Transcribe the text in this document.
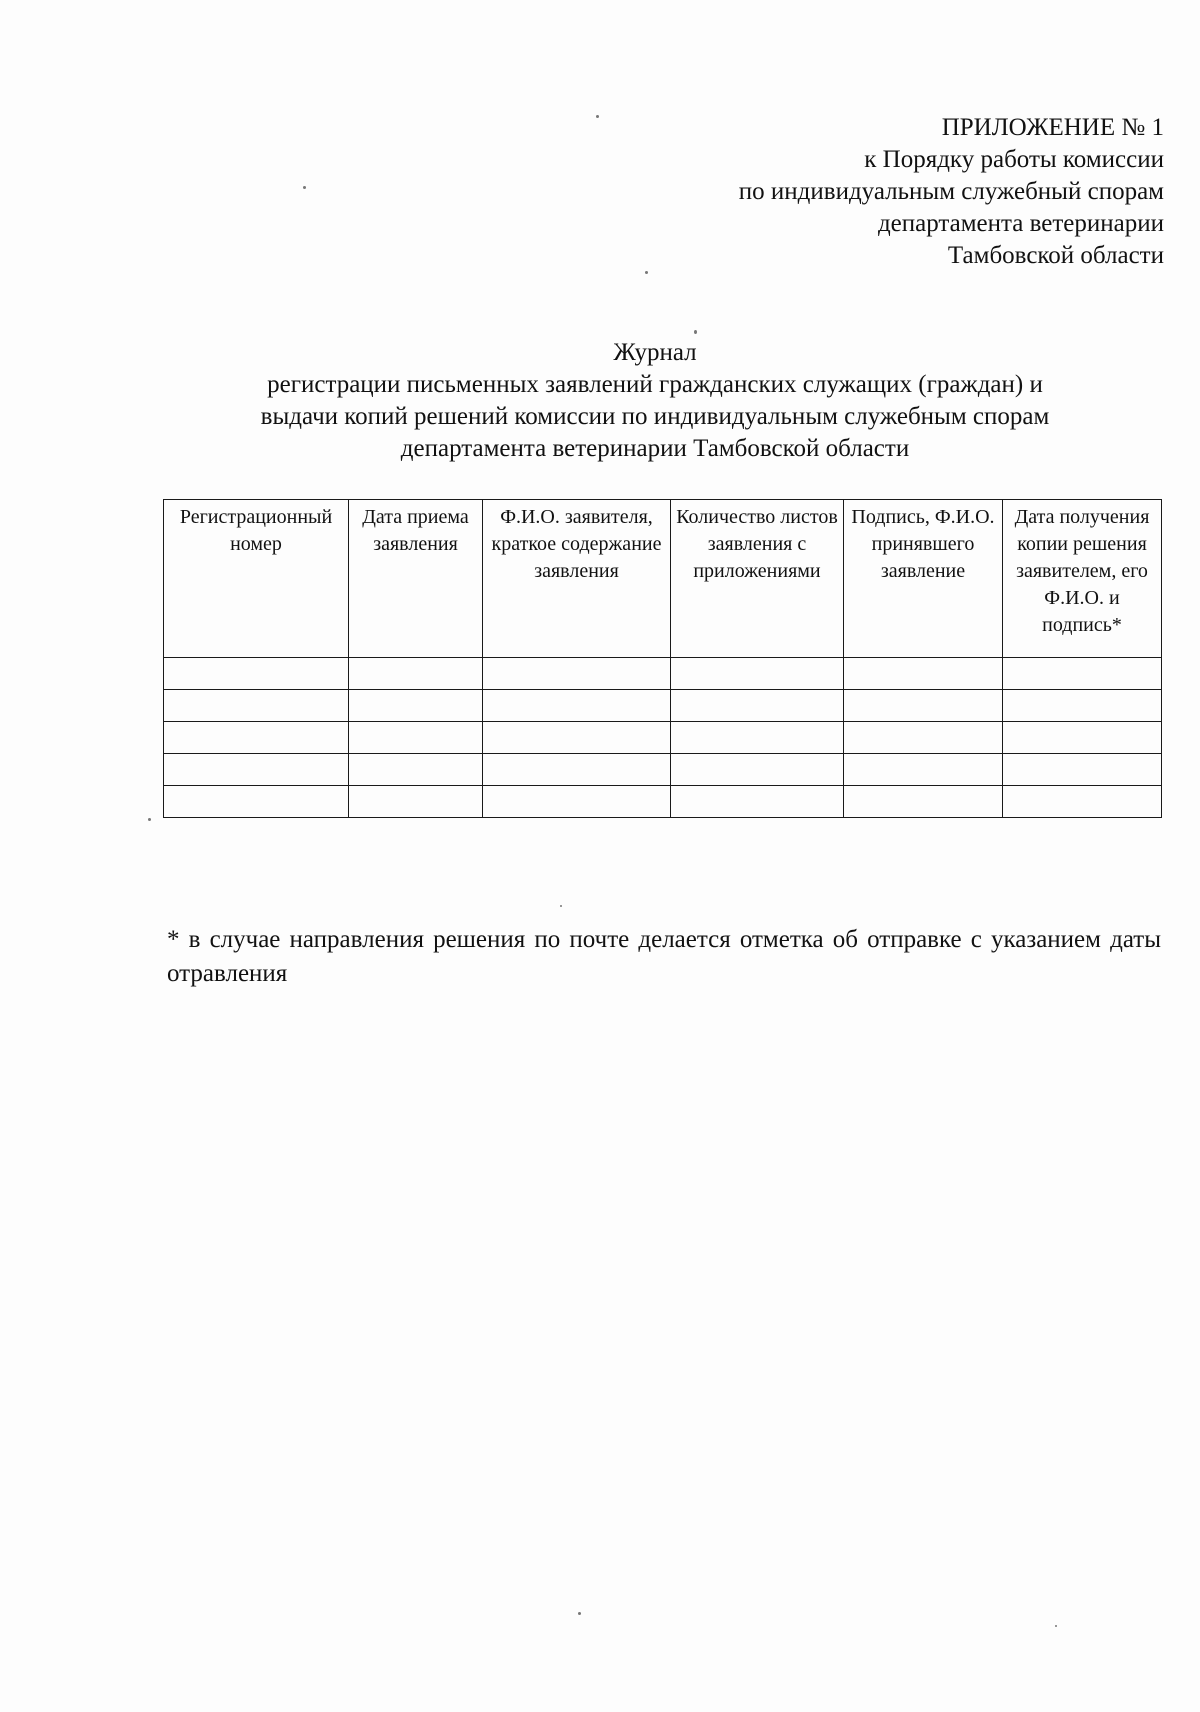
ПРИЛОЖЕНИЕ № 1
к Порядку работы комиссии
по индивидуальным служебный спорам
департамента ветеринарии
Тамбовской области
Журнал
регистрации письменных заявлений гражданских служащих (граждан) и
выдачи копий решений комиссии по индивидуальным служебным спорам
департамента ветеринарии Тамбовской области
Регистрационный номер	Дата приема заявления	Ф.И.О. заявителя, краткое содержание заявления	Количество листов заявления с приложениями	Подпись, Ф.И.О. принявшего заявление	Дата получения копии решения заявителем, его Ф.И.О. и подпись*

* в случае направления решения по почте делается отметка об отправке с указанием даты отравления
